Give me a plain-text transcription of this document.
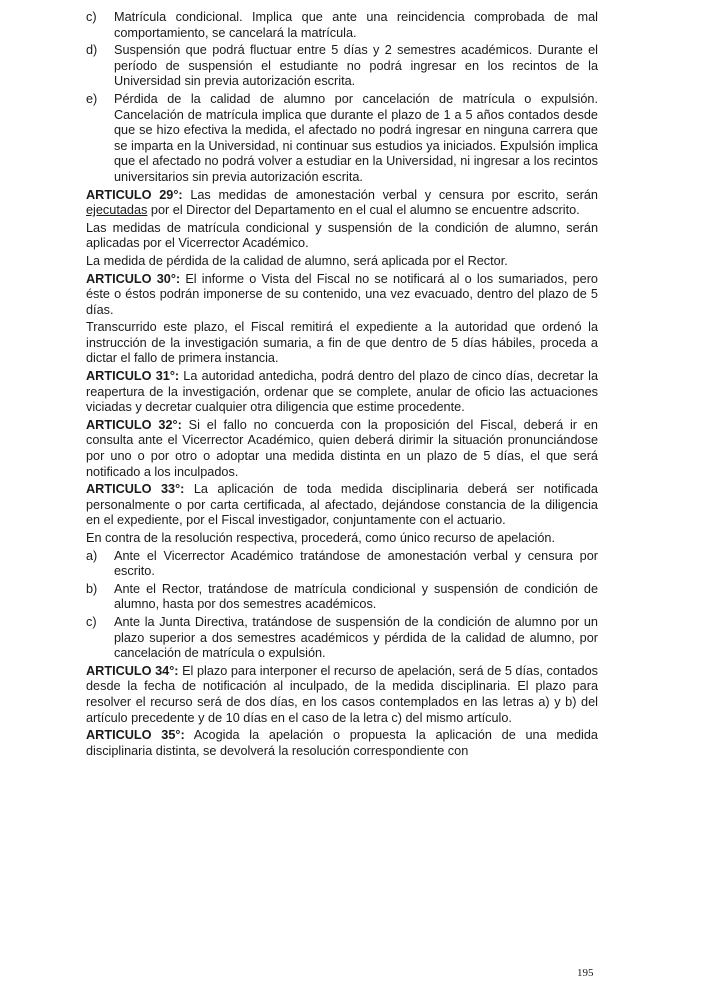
c)	Matrícula condicional. Implica que ante una reincidencia comprobada de mal comportamiento, se cancelará la matrícula.
d)	Suspensión que podrá fluctuar entre 5 días y 2 semestres académicos. Durante el período de suspensión el estudiante no podrá ingresar en los recintos de la Universidad sin previa autorización escrita.
e)	Pérdida de la calidad de alumno por cancelación de matrícula o expulsión. Cancelación de matrícula implica que durante el plazo de 1 a 5 años contados desde que se hizo efectiva la medida, el afectado no podrá ingresar en ninguna carrera que se imparta en la Universidad, ni continuar sus estudios ya iniciados. Expulsión implica que el afectado no podrá volver a estudiar en la Universidad, ni ingresar a los recintos universitarios sin previa autorización escrita.

ARTICULO 29°: Las medidas de amonestación verbal y censura por escrito, serán ejecutadas por el Director del Departamento en el cual el alumno se encuentre adscrito.

Las medidas de matrícula condicional y suspensión de la condición de alumno, serán aplicadas por el Vicerrector Académico.

La medida de pérdida de la calidad de alumno, será aplicada por el Rector.

ARTICULO 30°: El informe o Vista del Fiscal no se notificará al o los sumariados, pero éste o éstos podrán imponerse de su contenido, una vez evacuado, dentro del plazo de 5 días.

Transcurrido este plazo, el Fiscal remitirá el expediente a la autoridad que ordenó la instrucción de la investigación sumaria, a fin de que dentro de 5 días hábiles, proceda a dictar el fallo de primera instancia.

ARTICULO 31°: La autoridad antedicha, podrá dentro del plazo de cinco días, decretar la reapertura de la investigación, ordenar que se complete, anular de oficio las actuaciones viciadas y decretar cualquier otra diligencia que estime procedente.

ARTICULO 32°: Si el fallo no concuerda con la proposición del Fiscal, deberá ir en consulta ante el Vicerrector Académico, quien deberá dirimir la situación pronunciándose por uno o por otro o adoptar una medida distinta en un plazo de 5 días, el que será notificado a los inculpados.

ARTICULO 33°: La aplicación de toda medida disciplinaria deberá ser notificada personalmente o por carta certificada, al afectado, dejándose constancia de la diligencia en el expediente, por el Fiscal investigador, conjuntamente con el actuario.

En contra de la resolución respectiva, procederá, como único recurso de apelación.

a)	Ante el Vicerrector Académico tratándose de amonestación verbal y censura por escrito.
b)	Ante el Rector, tratándose de matrícula condicional y suspensión de condición de alumno, hasta por dos semestres académicos.
c)	Ante la Junta Directiva, tratándose de suspensión de la condición de alumno por un plazo superior a dos semestres académicos y pérdida de la calidad de alumno, por cancelación de matrícula o expulsión.

ARTICULO 34°: El plazo para interponer el recurso de apelación, será de 5 días, contados desde la fecha de notificación al inculpado, de la medida disciplinaria. El plazo para resolver el recurso será de dos días, en los casos contemplados en las letras a) y b) del artículo precedente y de 10 días en el caso de la letra c) del mismo artículo.

ARTICULO 35°: Acogida la apelación o propuesta la aplicación de una medida disciplinaria distinta, se devolverá la resolución correspondiente con

195
